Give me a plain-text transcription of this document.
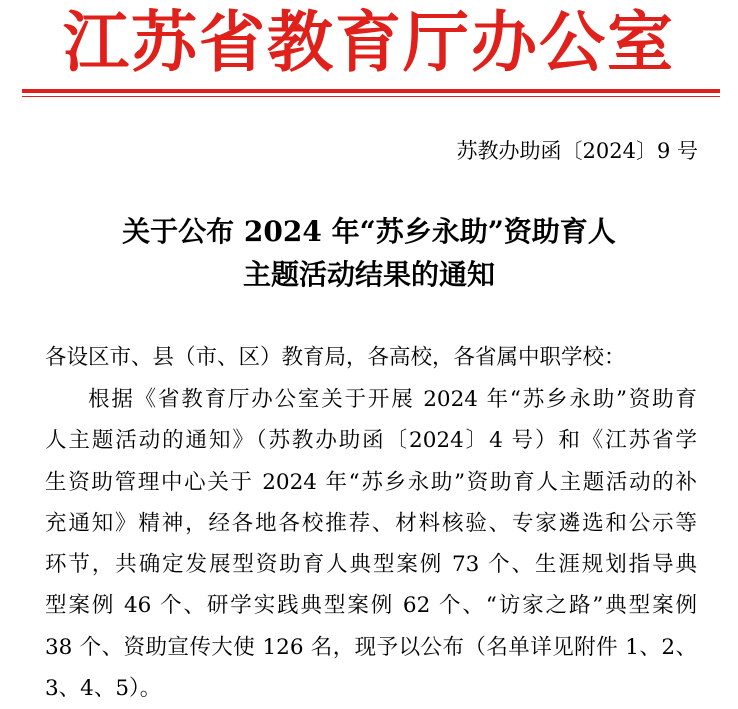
江苏省教育厅办公室
苏教办助函〔2024〕9 号
关于公布 2024 年“苏乡永助”资助育人
主题活动结果的通知
各设区市、县（市、区）教育局，各高校，各省属中职学校：
根据《省教育厅办公室关于开展 2024 年“苏乡永助”资助育
人主题活动的通知》（苏教办助函〔2024〕4 号）和《江苏省学
生资助管理中心关于 2024 年“苏乡永助”资助育人主题活动的补
充通知》精神，经各地各校推荐、材料核验、专家遴选和公示等
环节，共确定发展型资助育人典型案例 73 个、生涯规划指导典
型案例 46 个、研学实践典型案例 62 个、“访家之路”典型案例
38 个、资助宣传大使 126 名，现予以公布（名单详见附件 1、2、
3、4、5）。
